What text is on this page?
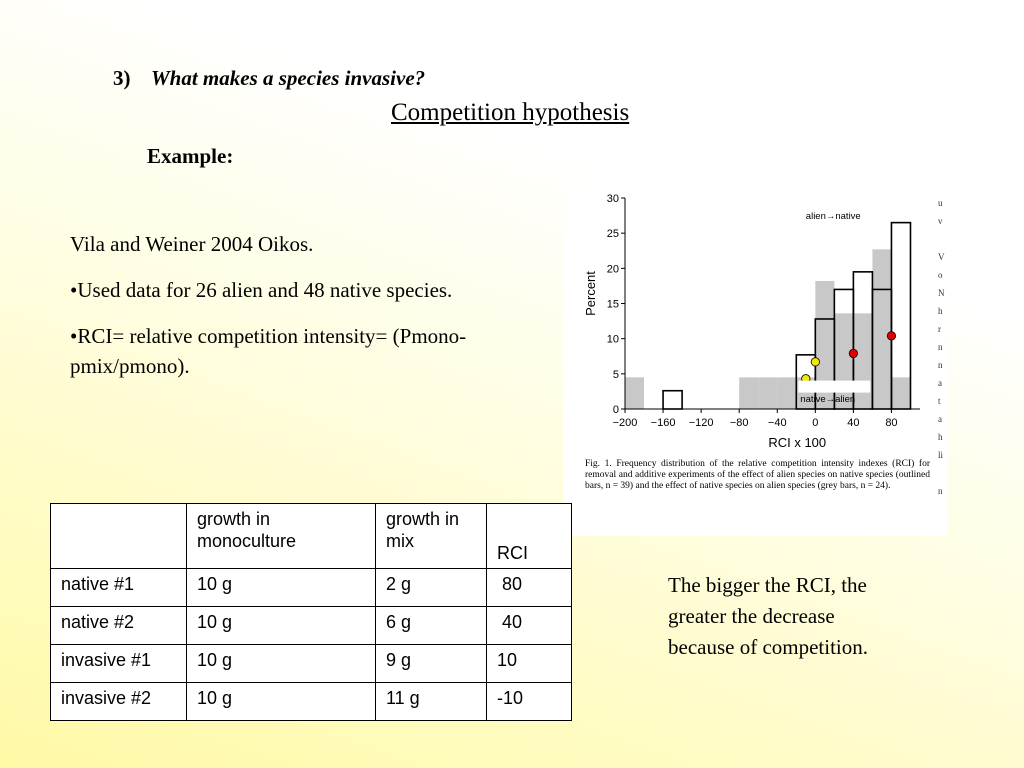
3) What makes a species invasive?
Competition hypothesis
Example:

Vila and Weiner 2004 Oikos.

•Used data for 26 alien and 48 native species.

•RCI= relative competition intensity= (Pmono-pmix/pmono).

0
5
10
15
20
25
30
−200 −160 −120 −80 −40 0	40 80
RCI x 100
Percent
alien→native
native→alien
Fig. 1. Frequency distribution of the relative competition intensity indexes (RCI) for removal and additive experiments of the effect of alien species on native species (outlined bars, n = 39) and the effect of native species on alien species (grey bars, n = 24).
u
v

V
o
N
h
r
n
n
a
t
a
h
li

n
	growth in monoculture	growth in mix	RCI
native #1	10 g	2 g	80
native #2	10 g	6 g	40
invasive #1	10 g	9 g	10
invasive #2	10 g	11 g	-10
The bigger the RCI, the greater the decrease because of competition.
